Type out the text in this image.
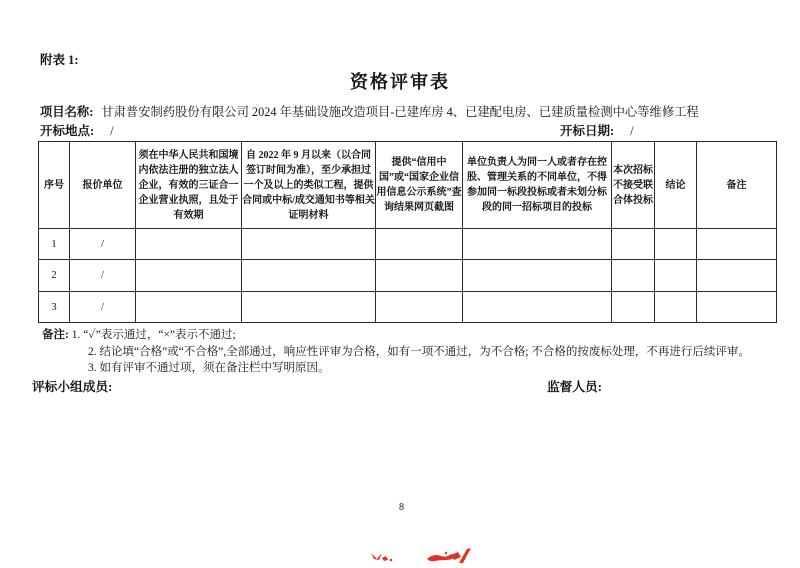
附表 1:
资格评审表
项目名称: 甘肃普安制药股份有限公司 2024 年基础设施改造项目-已建库房 4、已建配电房、已建质量检测中心等维修工程
开标地点: /	开标日期: /
序号	报价单位	须在中华人民共和国境内依法注册的独立法人企业，有效的三证合一企业营业执照，且处于有效期	自 2022 年 9 月以来（以合同签订时间为准），至少承担过一个及以上的类似工程，提供合同或中标/成交通知书等相关证明材料	提供“信用中国”或“国家企业信用信息公示系统”查询结果网页截图	单位负责人为同一人或者存在控股、管理关系的不同单位，不得参加同一标段投标或者未划分标段的同一招标项目的投标	本次招标不接受联合体投标	结论	备注
1	/							
2	/							
3	/							
备注: 1. “✓”表示通过，“×”表示不通过;
2. 结论填“合格”或“不合格”,全部通过，响应性评审为合格，如有一项不通过，为不合格; 不合格的按废标处理，不再进行后续评审。
3. 如有评审不通过项，须在备注栏中写明原因。
评标小组成员:	监督人员:
8
